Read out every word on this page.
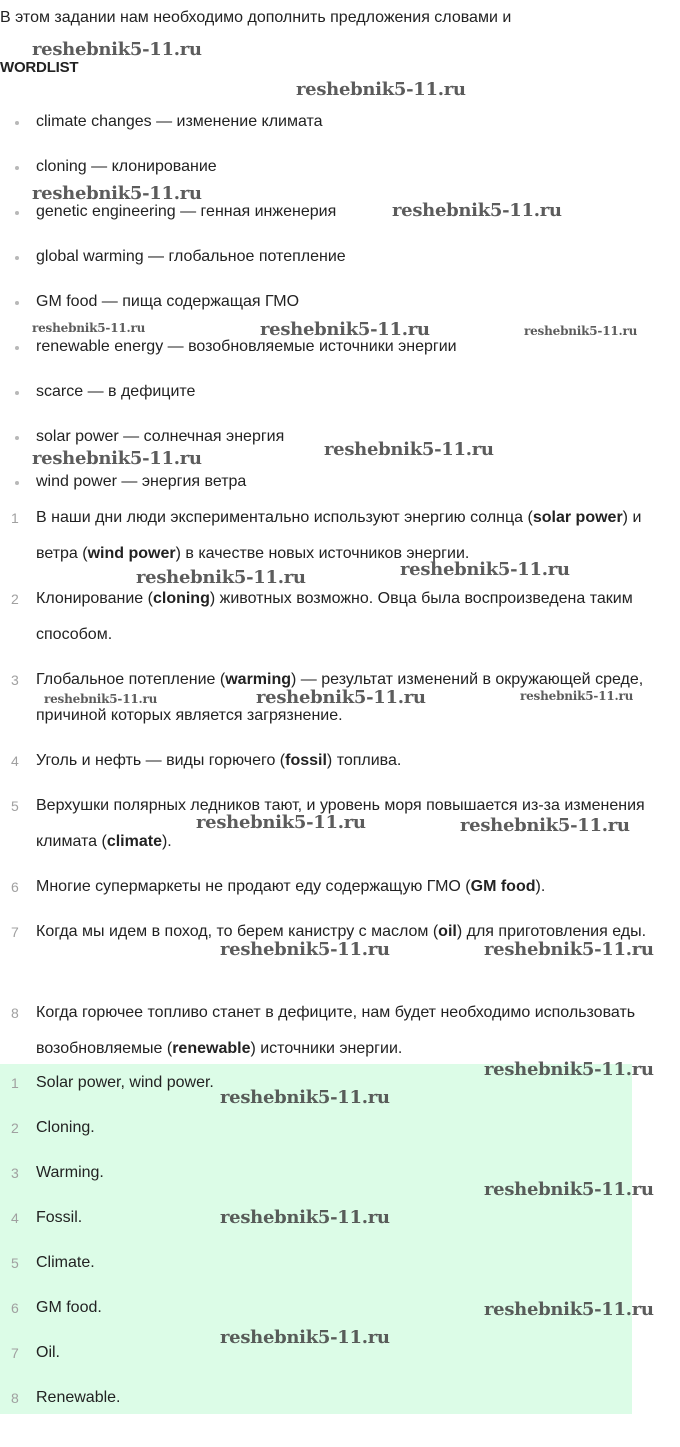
В этом задании нам необходимо дополнить предложения словами и
WORDLIST
climate changes — изменение климата
cloning — клонирование
genetic engineering — генная инженерия
global warming — глобальное потепление
GM food — пища содержащая ГМО
renewable energy — возобновляемые источники энергии
scarce — в дефиците
solar power — солнечная энергия
wind power — энергия ветра
1	В наши дни люди экспериментально используют энергию солнца (solar power) и ветра (wind power) в качестве новых источников энергии.
2	Клонирование (cloning) животных возможно. Овца была воспроизведена таким способом.
3	Глобальное потепление (warming) — результат изменений в окружающей среде, причиной которых является загрязнение.
4	Уголь и нефть — виды горючего (fossil) топлива.
5	Верхушки полярных ледников тают, и уровень моря повышается из-за изменения климата (climate).
6	Многие супермаркеты не продают еду содержащую ГМО (GM food).
7	Когда мы идем в поход, то берем канистру с маслом (oil) для приготовления еды.
8	Когда горючее топливо станет в дефиците, нам будет необходимо использовать возобновляемые (renewable) источники энергии.
1	Solar power, wind power.
2	Cloning.
3	Warming.
4	Fossil.
5	Climate.
6	GM food.
7	Oil.
8	Renewable.
reshebnik5-11.ru
reshebnik5-11.ru
reshebnik5-11.ru
reshebnik5-11.ru
reshebnik5-11.ru	reshebnik5-11.ru	reshebnik5-11.ru
reshebnik5-11.ru
reshebnik5-11.ru
reshebnik5-11.ru
reshebnik5-11.ru
reshebnik5-11.ru	reshebnik5-11.ru	reshebnik5-11.ru
reshebnik5-11.ru	reshebnik5-11.ru
reshebnik5-11.ru	reshebnik5-11.ru
reshebnik5-11.ru
reshebnik5-11.ru
reshebnik5-11.ru
reshebnik5-11.ru
reshebnik5-11.ru
reshebnik5-11.ru
